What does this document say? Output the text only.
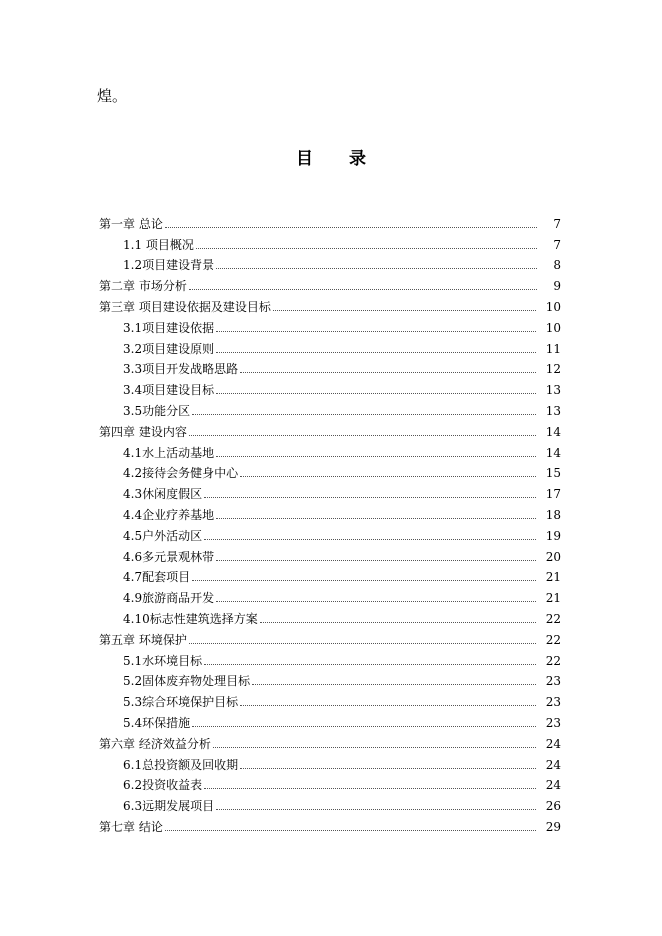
煌。
目录
第一章 总论	7
1.1 项目概况	7
1.2项目建设背景	8
第二章 市场分析	9
第三章 项目建设依据及建设目标	10
3.1项目建设依据	10
3.2项目建设原则	11
3.3项目开发战略思路	12
3.4项目建设目标	13
3.5功能分区	13
第四章 建设内容	14
4.1水上活动基地	14
4.2接待会务健身中心	15
4.3休闲度假区	17
4.4企业疗养基地	18
4.5户外活动区	19
4.6多元景观林带	20
4.7配套项目	21
4.9旅游商品开发	21
4.10标志性建筑选择方案	22
第五章 环境保护	22
5.1水环境目标	22
5.2固体废弃物处理目标	23
5.3综合环境保护目标	23
5.4环保措施	23
第六章 经济效益分析	24
6.1总投资额及回收期	24
6.2投资收益表	24
6.3远期发展项目	26
第七章 结论	29
